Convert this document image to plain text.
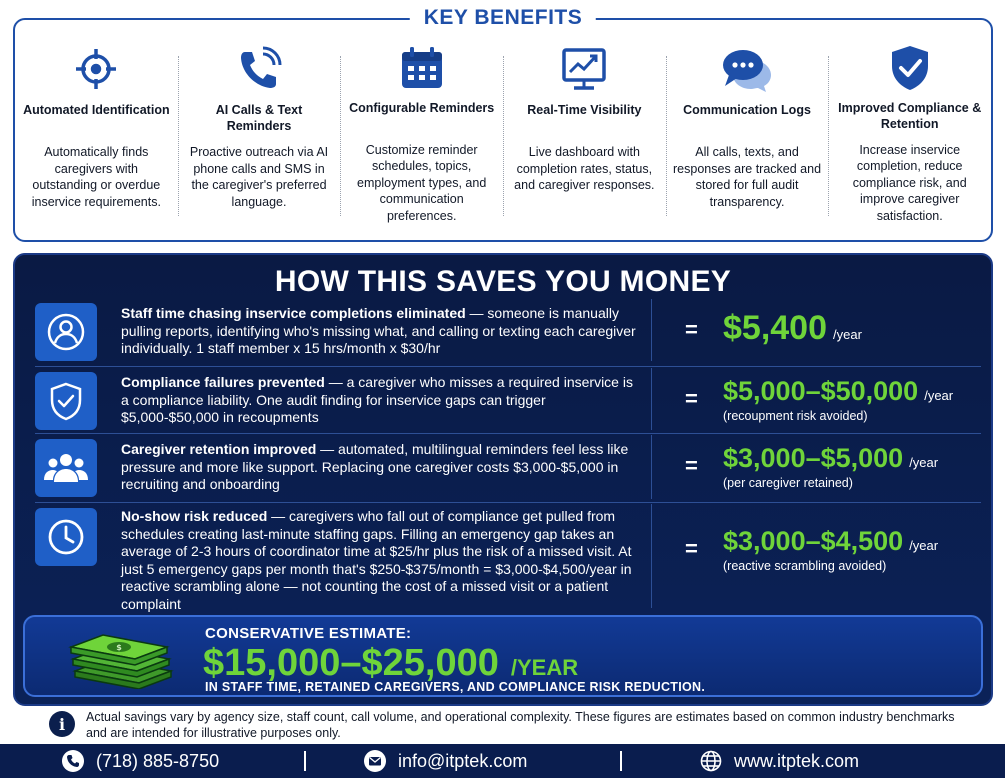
KEY BENEFITS
Automated Identification
Automatically finds caregivers with outstanding or overdue inservice requirements.
AI Calls & Text Reminders
Proactive outreach via AI phone calls and SMS in the caregiver's preferred language.
Configurable Reminders
Customize reminder schedules, topics, employment types, and communication preferences.
Real-Time Visibility
Live dashboard with completion rates, status, and caregiver responses.
Communication Logs
All calls, texts, and responses are tracked and stored for full audit transparency.
Improved Compliance & Retention
Increase inservice completion, reduce compliance risk, and improve caregiver satisfaction.
HOW THIS SAVES YOU MONEY
Staff time chasing inservice completions eliminated — someone is manually pulling reports, identifying who's missing what, and calling or texting each caregiver individually. 1 staff member x 15 hrs/month x $30/hr
= $5,400 /year
Compliance failures prevented — a caregiver who misses a required inservice is a compliance liability. One audit finding for inservice gaps can trigger $5,000-$50,000 in recoupments
= $5,000–$50,000 /year
(recoupment risk avoided)
Caregiver retention improved — automated, multilingual reminders feel less like pressure and more like support. Replacing one caregiver costs $3,000-$5,000 in recruiting and onboarding
= $3,000–$5,000 /year
(per caregiver retained)
No-show risk reduced — caregivers who fall out of compliance get pulled from schedules creating last-minute staffing gaps. Filling an emergency gap takes an average of 2-3 hours of coordinator time at $25/hr plus the risk of a missed visit. At just 5 emergency gaps per month that's $250-$375/month = $3,000-$4,500/year in reactive scrambling alone — not counting the cost of a missed visit or a patient complaint
= $3,000–$4,500 /year
(reactive scrambling avoided)
$
CONSERVATIVE ESTIMATE:
$15,000–$25,000 /YEAR
IN STAFF TIME, RETAINED CAREGIVERS, AND COMPLIANCE RISK REDUCTION.
i	Actual savings vary by agency size, staff count, call volume, and operational complexity. These figures are estimates based on common industry benchmarks and are intended for illustrative purposes only.
(718) 885-8750	info@itptek.com	www.itptek.com
